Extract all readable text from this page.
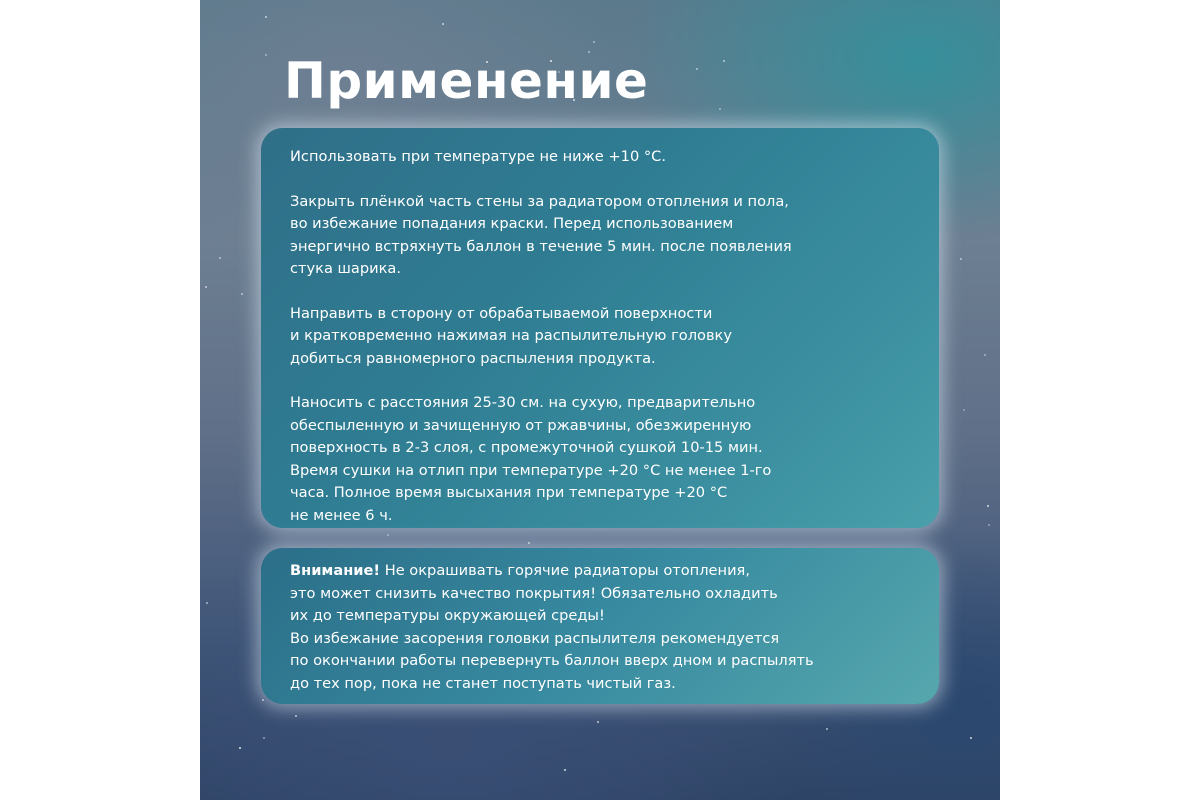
Применение

Использовать при температуре не ниже +10 °С.

Закрыть плёнкой часть стены за радиатором отопления и пола,
во избежание попадания краски. Перед использованием
энергично встряхнуть баллон в течение 5 мин. после появления
стука шарика.

Направить в сторону от обрабатываемой поверхности
и кратковременно нажимая на распылительную головку
добиться равномерного распыления продукта.

Наносить с расстояния 25-30 см. на сухую, предварительно
обеспыленную и зачищенную от ржавчины, обезжиренную
поверхность в 2-3 слоя, с промежуточной сушкой 10-15 мин.
Время сушки на отлип при температуре +20 °С не менее 1-го
часа. Полное время высыхания при температуре +20 °С
не менее 6 ч.

Внимание! Не окрашивать горячие радиаторы отопления,
это может снизить качество покрытия! Обязательно охладить
их до температуры окружающей среды!
Во избежание засорения головки распылителя рекомендуется
по окончании работы перевернуть баллон вверх дном и распылять
до тех пор, пока не станет поступать чистый газ.
